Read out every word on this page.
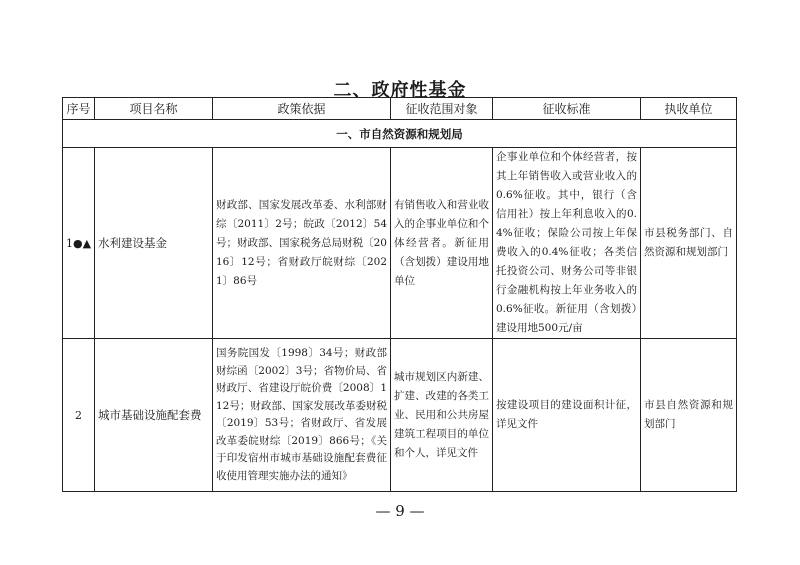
二、政府性基金
序号	项目名称	政策依据	征收范围对象	征收标准	执收单位
一、市自然资源和规划局					
1●▲	水利建设基金	财政部、国家发展改革委、水利部财综〔2011〕2号；皖政〔2012〕54号；财政部、国家税务总局财税〔2016〕12号；省财政厅皖财综〔2021〕86号	有销售收入和营业收入的企事业单位和个体经营者。新征用（含划拨）建设用地单位	企事业单位和个体经营者，按其上年销售收入或营业收入的0.6%征收。其中，银行（含信用社）按上年利息收入的0.4%征收；保险公司按上年保费收入的0.4%征收；各类信托投资公司、财务公司等非银行金融机构按上年业务收入的0.6%征收。新征用（含划拨）建设用地500元/亩	市县税务部门、自然资源和规划部门
2	城市基础设施配套费	国务院国发〔1998〕34号；财政部财综函〔2002〕3号；省物价局、省财政厅、省建设厅皖价费〔2008〕112号；财政部、国家发展改革委财税〔2019〕53号；省财政厅、省发展改革委皖财综〔2019〕866号；《关于印发宿州市城市基础设施配套费征收使用管理实施办法的通知》	城市规划区内新建、扩建、改建的各类工业、民用和公共房屋建筑工程项目的单位和个人，详见文件	按建设项目的建设面积计征，详见文件	市县自然资源和规划部门
— 9 —
